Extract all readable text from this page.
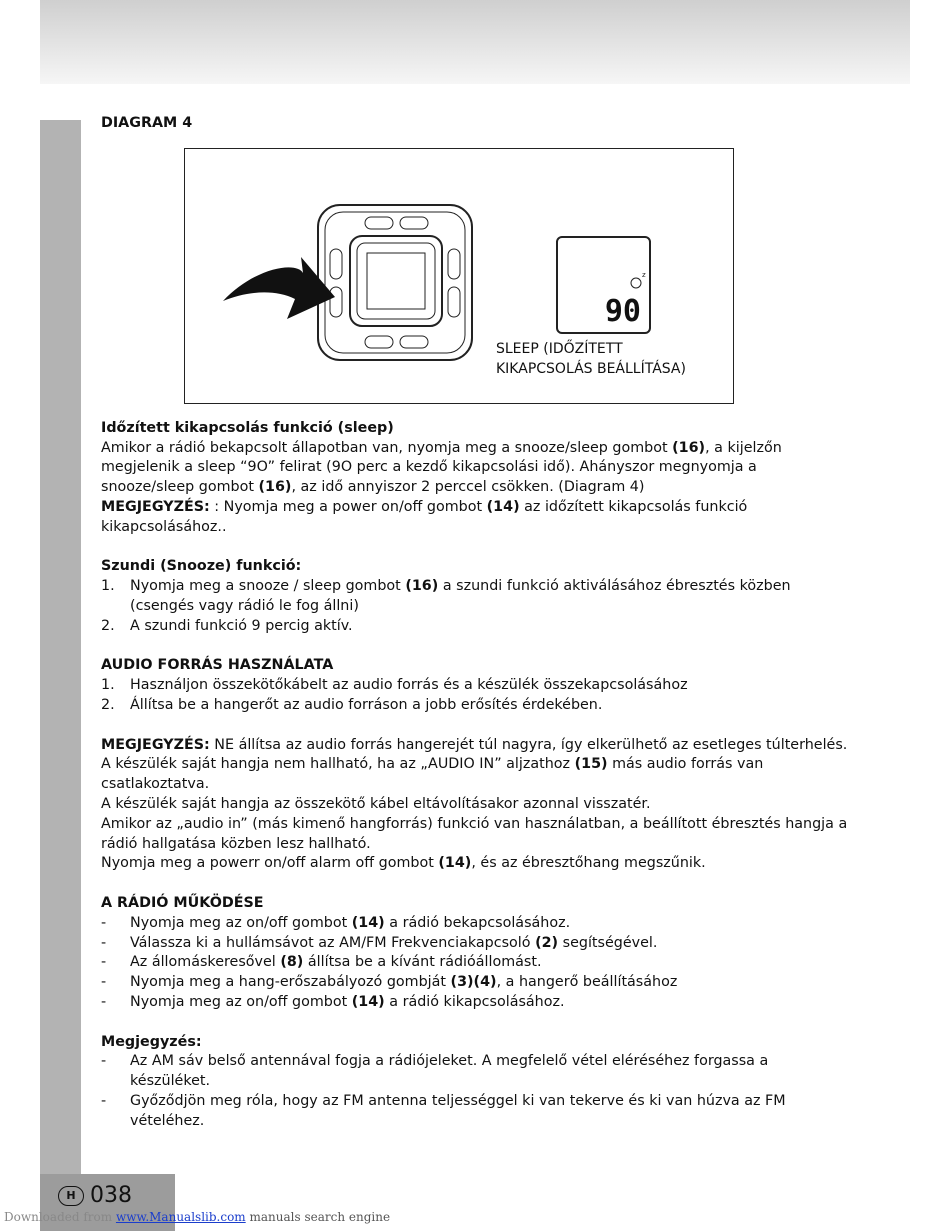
H 038
Downloaded from www.Manualslib.com manuals search engine

DIAGRAM 4

z
90
SLEEP (IDŐZÍTETT
KIKAPCSOLÁS BEÁLLÍTÁSA)

Időzített kikapcsolás funkció (sleep)

Amikor a rádió bekapcsolt állapotban van, nyomja meg a snooze/sleep gombot (16), a kijelzőn megjelenik a sleep “9O” felirat (9O perc a kezdő kikapcsolási idő). Ahányszor megnyomja a snooze/sleep gombot (16), az idő annyiszor 2 perccel csökken. (Diagram 4)

MEGJEGYZÉS: : Nyomja meg a power on/off gombot (14) az időzített kikapcsolás funkció kikapcsolásához..

Szundi (Snooze) funkció:

1. Nyomja meg a snooze / sleep gombot (16) a szundi funkció aktiválásához ébresztés közben (csengés vagy rádió le fog állni)
2. A szundi funkció 9 percig aktív.

AUDIO FORRÁS HASZNÁLATA

1. Használjon összekötőkábelt az audio forrás és a készülék összekapcsolásához
2. Állítsa be a hangerőt az audio forráson a jobb erősítés érdekében.

MEGJEGYZÉS: NE állítsa az audio forrás hangerejét túl nagyra, így elkerülhető az esetleges túlterhelés.

A készülék saját hangja nem hallható, ha az „AUDIO IN” aljzathoz (15) más audio forrás van csatlakoztatva.

A készülék saját hangja az összekötő kábel eltávolításakor azonnal visszatér.

Amikor az „audio in” (más kimenő hangforrás) funkció van használatban, a beállított ébresztés hangja a rádió hallgatása közben lesz hallható.

Nyomja meg a powerr on/off alarm off gombot (14), és az ébresztőhang megszűnik.

A RÁDIÓ MŰKÖDÉSE

- Nyomja meg az on/off gombot (14) a rádió bekapcsolásához.
- Válassza ki a hullámsávot az AM/FM Frekvenciakapcsoló (2) segítségével.
- Az állomáskeresővel (8) állítsa be a kívánt rádióállomást.
- Nyomja meg a hang-erőszabályozó gombját (3)(4), a hangerő beállításához
- Nyomja meg az on/off gombot (14) a rádió kikapcsolásához.

Megjegyzés:

- Az AM sáv belső antennával fogja a rádiójeleket. A megfelelő vétel eléréséhez forgassa a készüléket.
- Győződjön meg róla, hogy az FM antenna teljességgel ki van tekerve és ki van húzva az FM vételéhez.
